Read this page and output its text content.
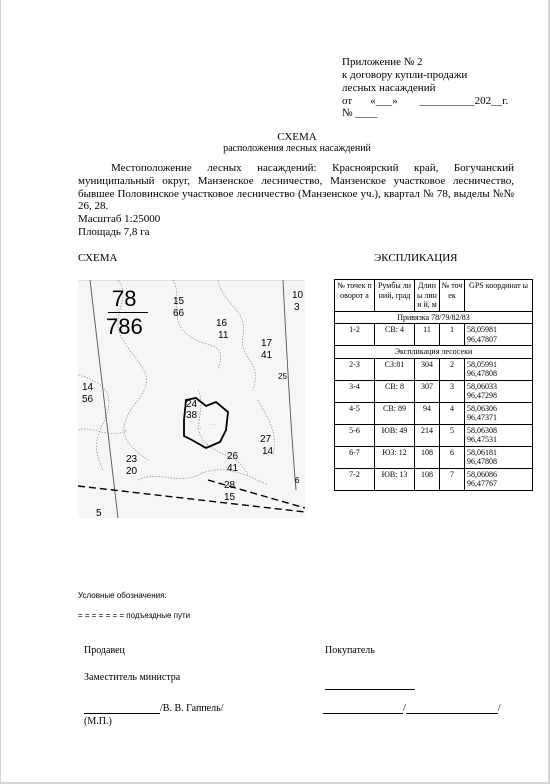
Приложение № 2
к договору купли-продажи
лесных насаждений
от «___» __________202__г.
№ ____
СХЕМА
расположения лесных насаждений
Местоположение лесных насаждений: Красноярский край, Богучанский
муниципальный округ, Манзенское лесничество, Манзенское участковое лесничество,
бывшее Половинское участковое лесничество (Манзенское уч.), квартал № 78, выделы №№
26, 28.
Масштаб 1:25000
Площадь 7,8 га
СХЕМА	ЭКСПЛИКАЦИЯ
· ·
· ·
·
78
786
15
66
16
11
17
41
10
3
14
56
25
24
38
27
14
23
20
26
41
28
15
5
6
№ точек поворот а	Румбы линий, град	Длин ы лини й, м	№ точ ек	GPS координат ы
Привязка 78/79/82/83				
1-2	СВ: 4	11	1	58,05981
96,47807
Экспликация лесосеки				
2-3	СЗ:81	304	2	58,05991
96,47808
3-4	СВ: 8	307	3	58,06033
96,47298
4-5	СВ: 89	94	4	58,06306
96,47371
5-6	ЮВ: 49	214	5	58,06308
96,47531
6-7	ЮЗ: 12	108	6	58,06181
96,47808
7-2	ЮВ: 13	108	7	58,06086
96,47767
Условные обозначения:
= = = = = = = подъездные пути
Продавец	Покупатель
Заместитель министра
/В. В. Гаппель/	/	/
(М.П.)
